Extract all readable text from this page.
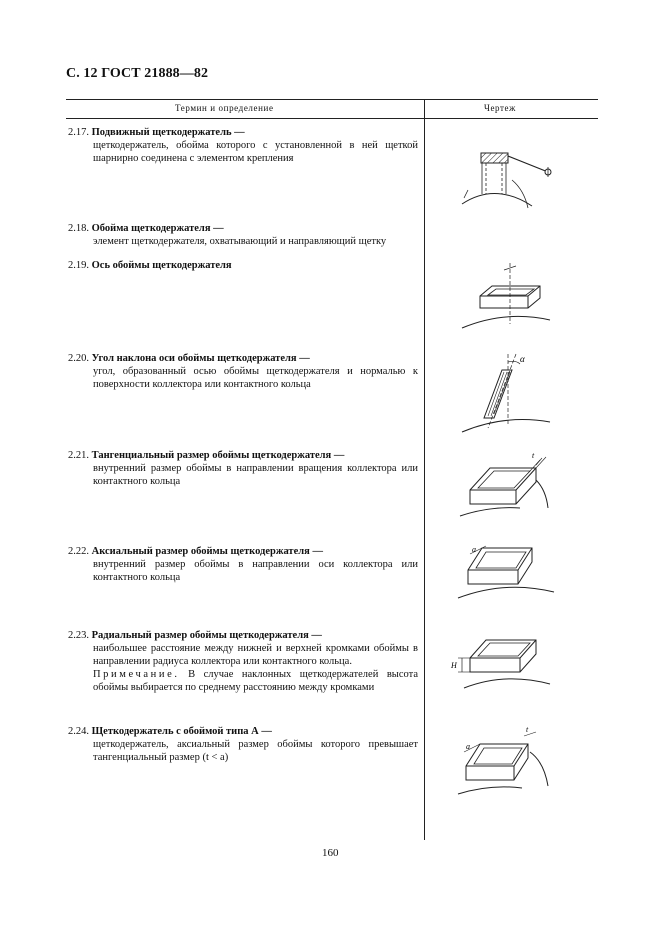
С. 12 ГОСТ 21888—82
Термин и определение	Чертеж
2.17. Подвижный щеткодержатель —

щеткодержатель, обойма которого с установленной в ней щеткой шарнирно соединена с элементом крепления

2.18. Обойма щеткодержателя —

элемент щеткодержателя, охватывающий и направляющий щетку

2.19. Ось обоймы щеткодержателя
2.20. Угол наклона оси обоймы щеткодержателя —

угол, образованный осью обоймы щеткодержателя и нормалью к поверхности коллектора или контактного кольца

2.21. Тангенциальный размер обоймы щеткодержателя —

внутренний размер обоймы в направлении вращения коллектора или контактного кольца

2.22. Аксиальный размер обоймы щеткодержателя —

внутренний размер обоймы в направлении оси коллектора или контактного кольца

2.23. Радиальный размер обоймы щеткодержателя —

наибольшее расстояние между нижней и верхней кромками обоймы в направлении радиуса коллектора или контактного кольца.

Примечание. В случае наклонных щеткодержателей высота обоймы выбирается по среднему расстоянию между кромками

2.24. Щеткодержатель с обоймой типа А —

щеткодержатель, аксиальный размер обоймы которого превышает тангенциальный размер (t < a)

α
t
a
H
a
t
160
